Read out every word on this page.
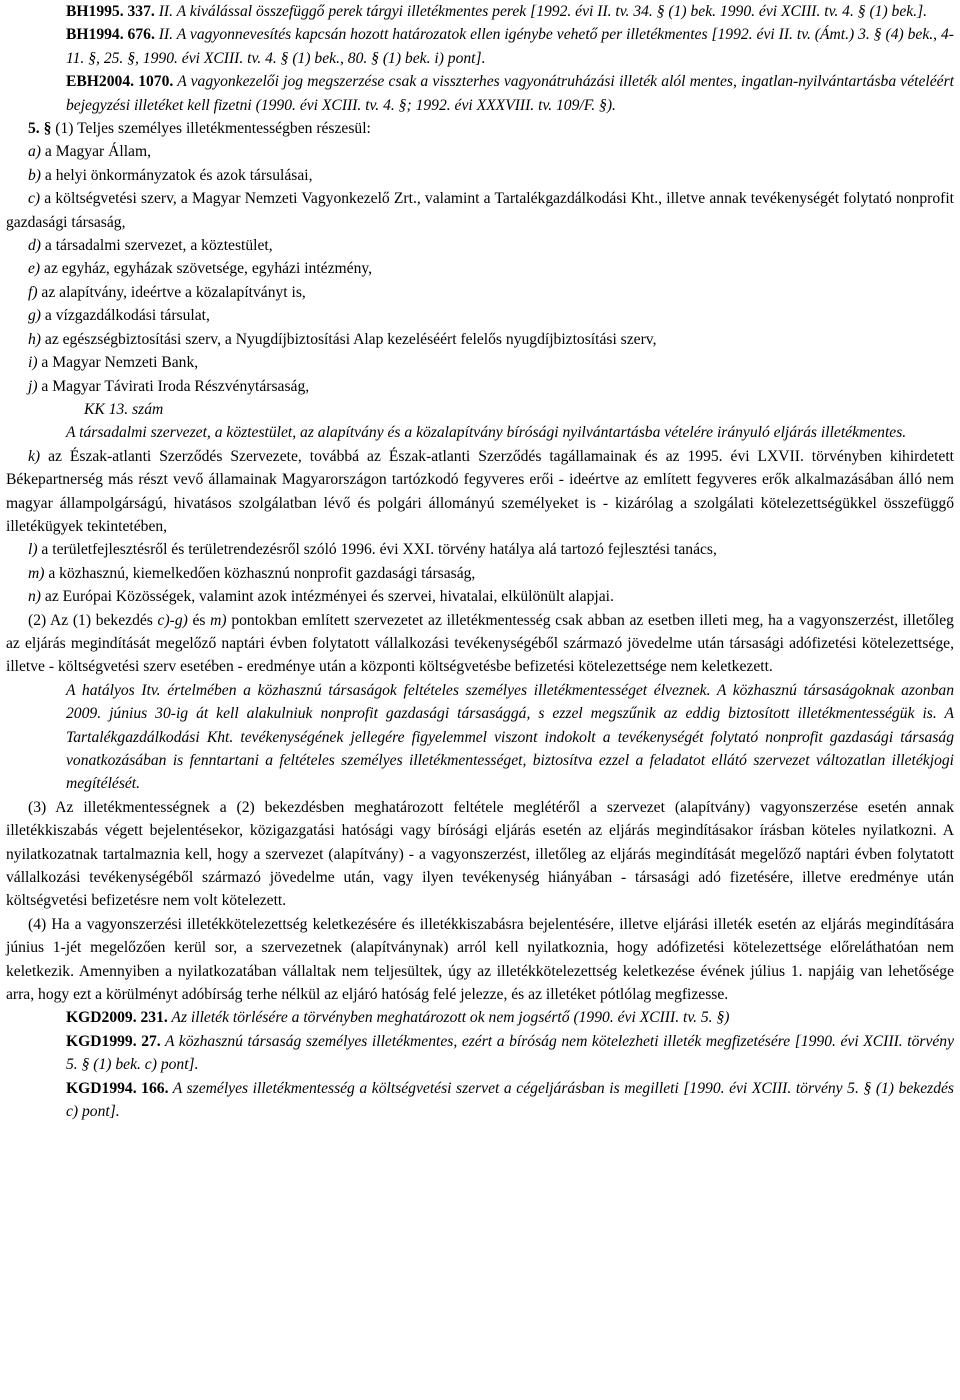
BH1995. 337. II. A kiválással összefüggő perek tárgyi illetékmentes perek [1992. évi II. tv. 34. § (1) bek. 1990. évi XCIII. tv. 4. § (1) bek.].

BH1994. 676. II. A vagyonnevesítés kapcsán hozott határozatok ellen igénybe vehető per illetékmentes [1992. évi II. tv. (Ámt.) 3. § (4) bek., 4-11. §, 25. §, 1990. évi XCIII. tv. 4. § (1) bek., 80. § (1) bek. i) pont].

EBH2004. 1070. A vagyonkezelői jog megszerzése csak a visszterhes vagyonátruházási illeték alól mentes, ingatlan-nyilvántartásba vételéért bejegyzési illetéket kell fizetni (1990. évi XCIII. tv. 4. §; 1992. évi XXXVIII. tv. 109/F. §).

5. § (1) Teljes személyes illetékmentességben részesül:

a) a Magyar Állam,

b) a helyi önkormányzatok és azok társulásai,

c) a költségvetési szerv, a Magyar Nemzeti Vagyonkezelő Zrt., valamint a Tartalékgazdálkodási Kht., illetve annak tevékenységét folytató nonprofit gazdasági társaság,

d) a társadalmi szervezet, a köztestület,

e) az egyház, egyházak szövetsége, egyházi intézmény,

f) az alapítvány, ideértve a közalapítványt is,

g) a vízgazdálkodási társulat,

h) az egészségbiztosítási szerv, a Nyugdíjbiztosítási Alap kezeléséért felelős nyugdíjbiztosítási szerv,

i) a Magyar Nemzeti Bank,

j) a Magyar Távirati Iroda Részvénytársaság,

KK 13. szám

A társadalmi szervezet, a köztestület, az alapítvány és a közalapítvány bírósági nyilvántartásba vételére irányuló eljárás illetékmentes.

k) az Észak-atlanti Szerződés Szervezete, továbbá az Észak-atlanti Szerződés tagállamainak és az 1995. évi LXVII. törvényben kihirdetett Békepartnerség más részt vevő államainak Magyarországon tartózkodó fegyveres erői - ideértve az említett fegyveres erők alkalmazásában álló nem magyar állampolgárságú, hivatásos szolgálatban lévő és polgári állományú személyeket is - kizárólag a szolgálati kötelezettségükkel összefüggő illetékügyek tekintetében,

l) a területfejlesztésről és területrendezésről szóló 1996. évi XXI. törvény hatálya alá tartozó fejlesztési tanács,

m) a közhasznú, kiemelkedően közhasznú nonprofit gazdasági társaság,

n) az Európai Közösségek, valamint azok intézményei és szervei, hivatalai, elkülönült alapjai.

(2) Az (1) bekezdés c)-g) és m) pontokban említett szervezetet az illetékmentesség csak abban az esetben illeti meg, ha a vagyonszerzést, illetőleg az eljárás megindítását megelőző naptári évben folytatott vállalkozási tevékenységéből származó jövedelme után társasági adófizetési kötelezettsége, illetve - költségvetési szerv esetében - eredménye után a központi költségvetésbe befizetési kötelezettsége nem keletkezett.

A hatályos Itv. értelmében a közhasznú társaságok feltételes személyes illetékmentességet élveznek. A közhasznú társaságoknak azonban 2009. június 30-ig át kell alakulniuk nonprofit gazdasági társasággá, s ezzel megszűnik az eddig biztosított illetékmentességük is. A Tartalékgazdálkodási Kht. tevékenységének jellegére figyelemmel viszont indokolt a tevékenységét folytató nonprofit gazdasági társaság vonatkozásában is fenntartani a feltételes személyes illetékmentességet, biztosítva ezzel a feladatot ellátó szervezet változatlan illetékjogi megítélését.

(3) Az illetékmentességnek a (2) bekezdésben meghatározott feltétele meglétéről a szervezet (alapítvány) vagyonszerzése esetén annak illetékkiszabás végett bejelentésekor, közigazgatási hatósági vagy bírósági eljárás esetén az eljárás megindításakor írásban köteles nyilatkozni. A nyilatkozatnak tartalmaznia kell, hogy a szervezet (alapítvány) - a vagyonszerzést, illetőleg az eljárás megindítását megelőző naptári évben folytatott vállalkozási tevékenységéből származó jövedelme után, vagy ilyen tevékenység hiányában - társasági adó fizetésére, illetve eredménye után költségvetési befizetésre nem volt kötelezett.

(4) Ha a vagyonszerzési illetékkötelezettség keletkezésére és illetékkiszabásra bejelentésére, illetve eljárási illeték esetén az eljárás megindítására június 1-jét megelőzően kerül sor, a szervezetnek (alapítványnak) arról kell nyilatkoznia, hogy adófizetési kötelezettsége előreláthatóan nem keletkezik. Amennyiben a nyilatkozatában vállaltak nem teljesültek, úgy az illetékkötelezettség keletkezése évének július 1. napjáig van lehetősége arra, hogy ezt a körülményt adóbírság terhe nélkül az eljáró hatóság felé jelezze, és az illetéket pótlólag megfizesse.

KGD2009. 231. Az illeték törlésére a törvényben meghatározott ok nem jogsértő (1990. évi XCIII. tv. 5. §)

KGD1999. 27. A közhasznú társaság személyes illetékmentes, ezért a bíróság nem kötelezheti illeték megfizetésére [1990. évi XCIII. törvény 5. § (1) bek. c) pont].

KGD1994. 166. A személyes illetékmentesség a költségvetési szervet a cégeljárásban is megilleti [1990. évi XCIII. törvény 5. § (1) bekezdés c) pont].
